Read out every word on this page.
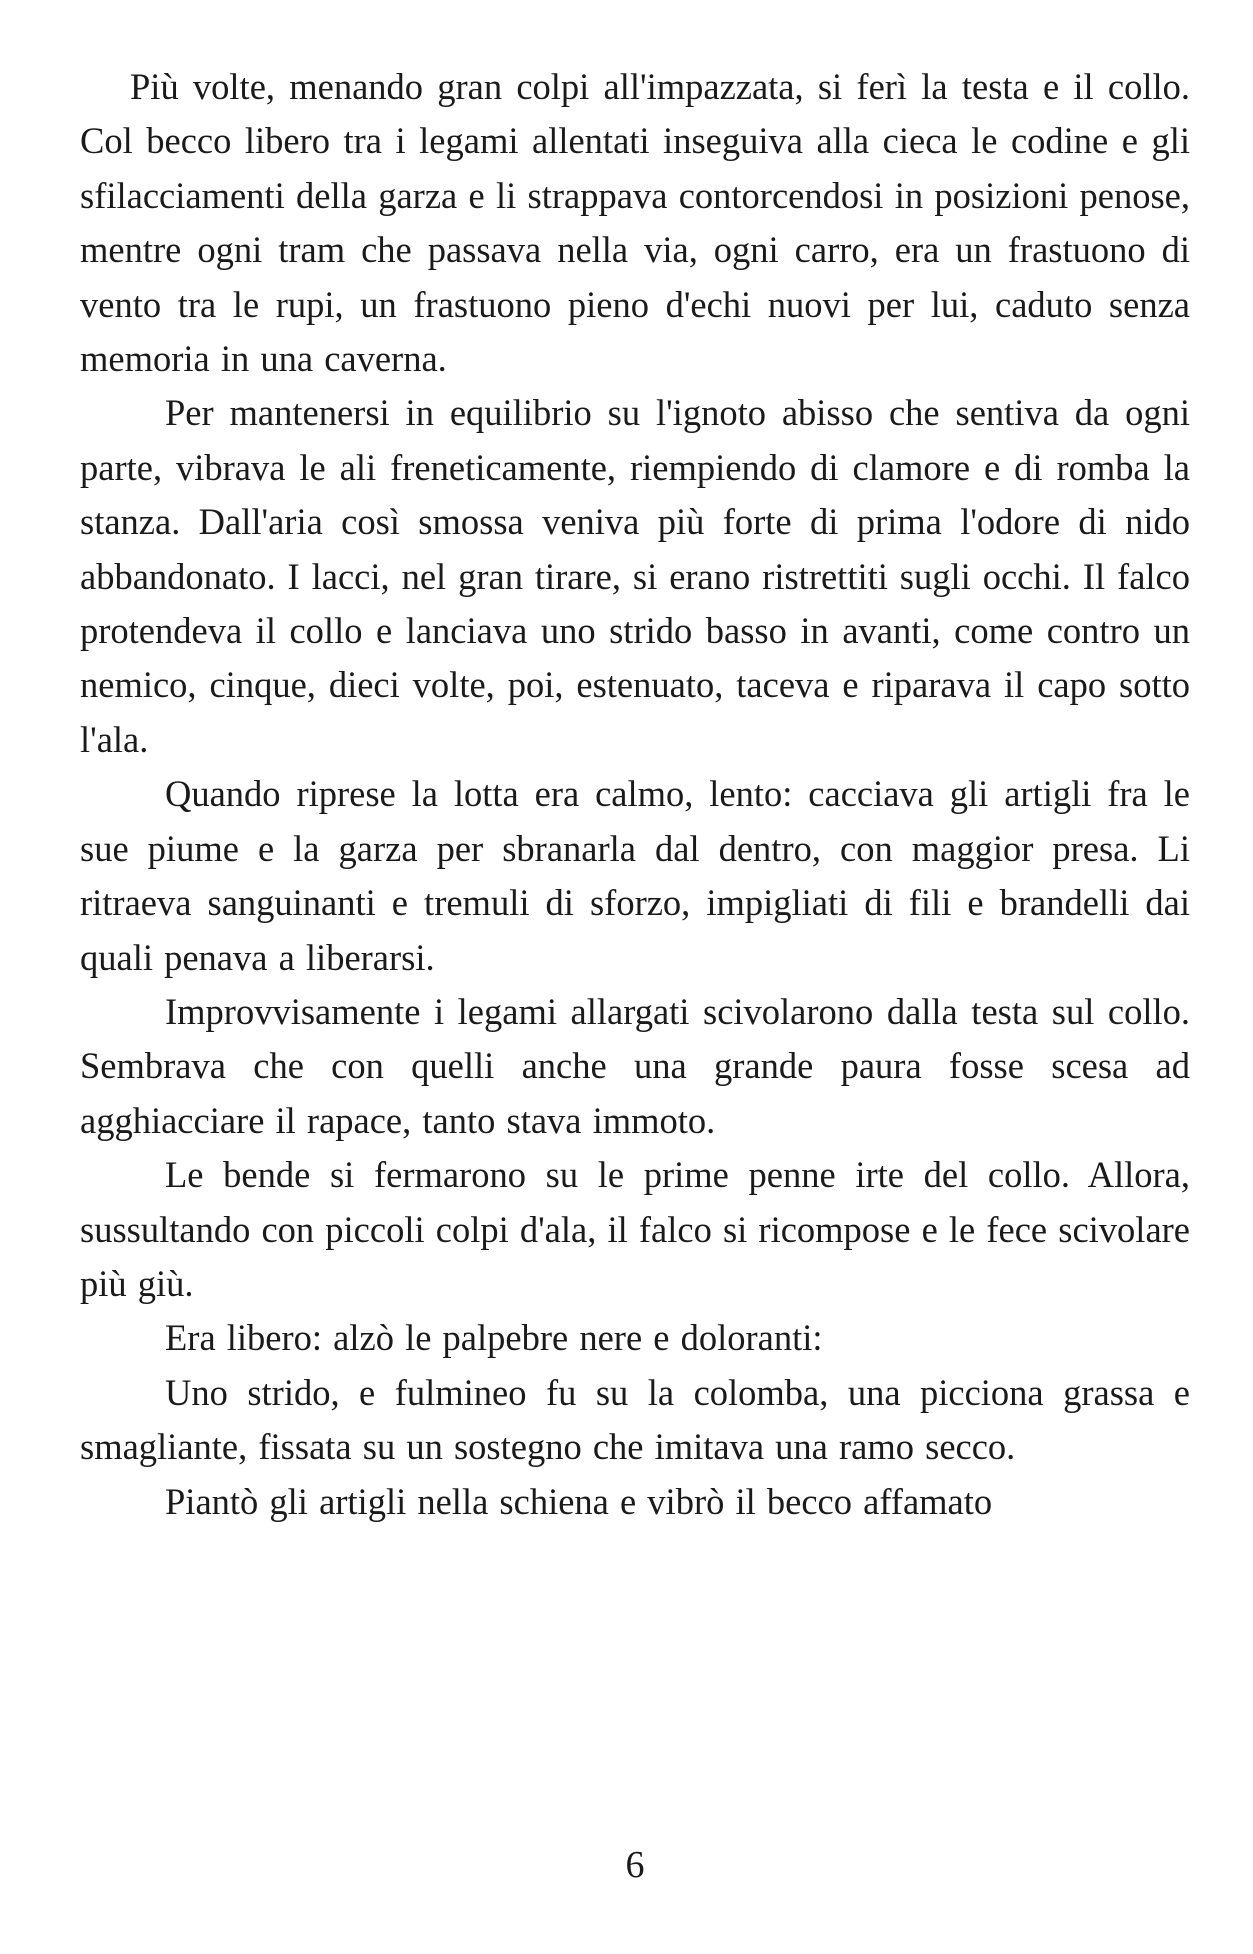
Più volte, menando gran colpi all'impazzata, si ferì la testa e il collo. Col becco libero tra i legami allentati inseguiva alla cieca le codine e gli sfilacciamenti della garza e li strappava contorcendosi in posizioni penose, mentre ogni tram che passava nella via, ogni carro, era un frastuono di vento tra le rupi, un frastuono pieno d'echi nuovi per lui, caduto senza memoria in una caverna.

Per mantenersi in equilibrio su l'ignoto abisso che sentiva da ogni parte, vibrava le ali freneticamente, riempiendo di clamore e di romba la stanza. Dall'aria così smossa veniva più forte di prima l'odore di nido abbandonato. I lacci, nel gran tirare, si erano ristrettiti sugli occhi. Il falco protendeva il collo e lanciava uno strido basso in avanti, come contro un nemico, cinque, dieci volte, poi, estenuato, taceva e riparava il capo sotto l'ala.

Quando riprese la lotta era calmo, lento: cacciava gli artigli fra le sue piume e la garza per sbranarla dal dentro, con maggior presa. Li ritraeva sanguinanti e tremuli di sforzo, impigliati di fili e brandelli dai quali penava a liberarsi.

Improvvisamente i legami allargati scivolarono dalla testa sul collo. Sembrava che con quelli anche una grande paura fosse scesa ad agghiacciare il rapace, tanto stava immoto.

Le bende si fermarono su le prime penne irte del collo. Allora, sussultando con piccoli colpi d'ala, il falco si ricompose e le fece scivolare più giù.

Era libero: alzò le palpebre nere e doloranti:

Uno strido, e fulmineo fu su la colomba, una picciona grassa e smagliante, fissata su un sostegno che imitava una ramo secco.

Piantò gli artigli nella schiena e vibrò il becco affamato

6
